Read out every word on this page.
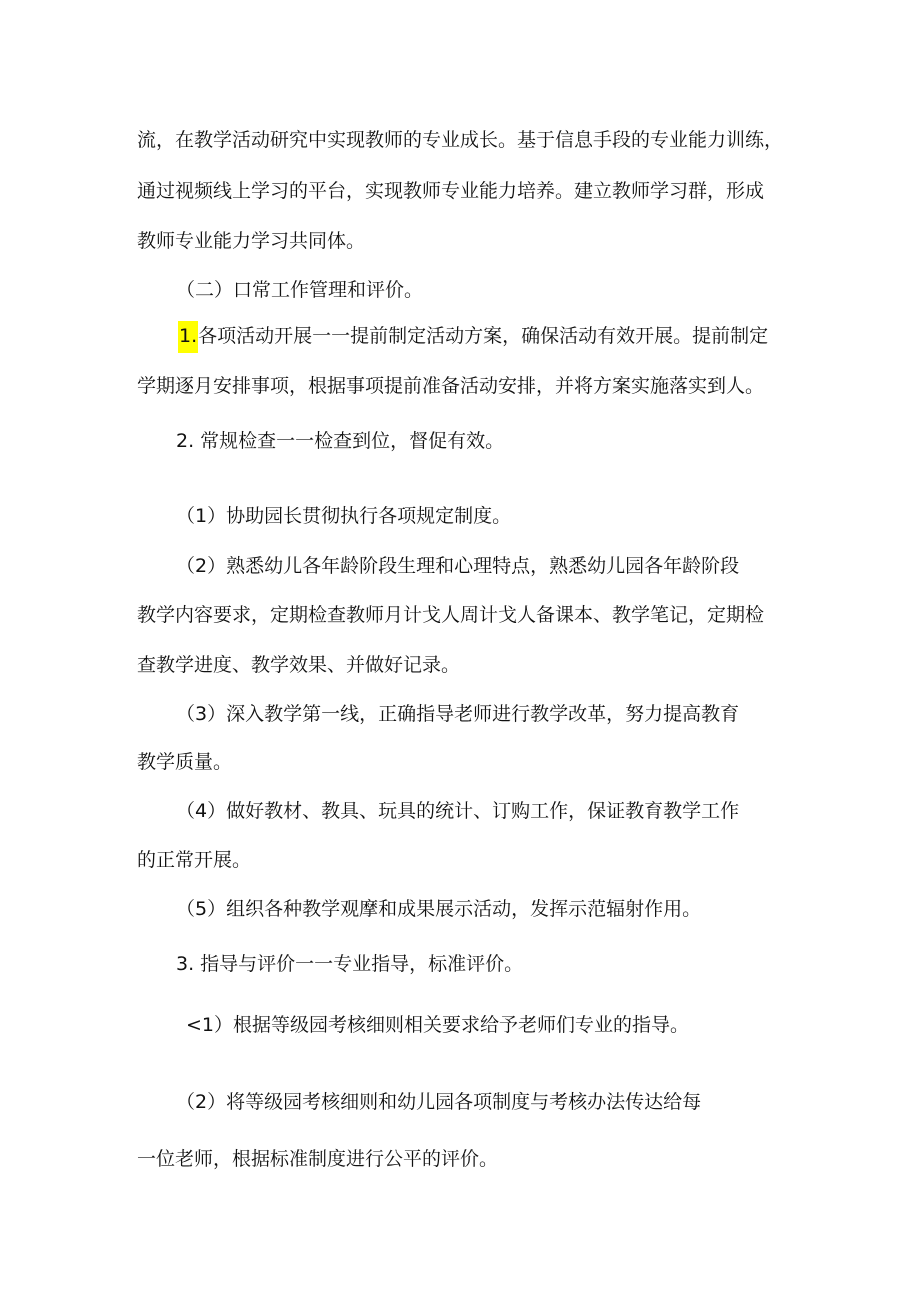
流，在教学活动研究中实现教师的专业成长。基于信息手段的专业能力训练，

通过视频线上学习的平台，实现教师专业能力培养。建立教师学习群，形成

教师专业能力学习共同体。

（二）口常工作管理和评价。

1.各项活动开展一一提前制定活动方案，确保活动有效开展。提前制定

学期逐月安排事项，根据事项提前准备活动安排，并将方案实施落实到人。

2. 常规检查一一检查到位，督促有效。

（1）协助园长贯彻执行各项规定制度。

（2）熟悉幼儿各年龄阶段生理和心理特点，熟悉幼儿园各年龄阶段

教学内容要求，定期检查教师月计戈人周计戈人备课本、教学笔记，定期检

查教学进度、教学效果、并做好记录。

（3）深入教学第一线，正确指导老师进行教学改革，努力提高教育

教学质量。

（4）做好教材、教具、玩具的统计、订购工作，保证教育教学工作

的正常开展。

（5）组织各种教学观摩和成果展示活动，发挥示范辐射作用。

3. 指导与评价一一专业指导，标准评价。

<1）根据等级园考核细则相关要求给予老师们专业的指导。

（2）将等级园考核细则和幼儿园各项制度与考核办法传达给每

一位老师，根据标准制度进行公平的评价。
